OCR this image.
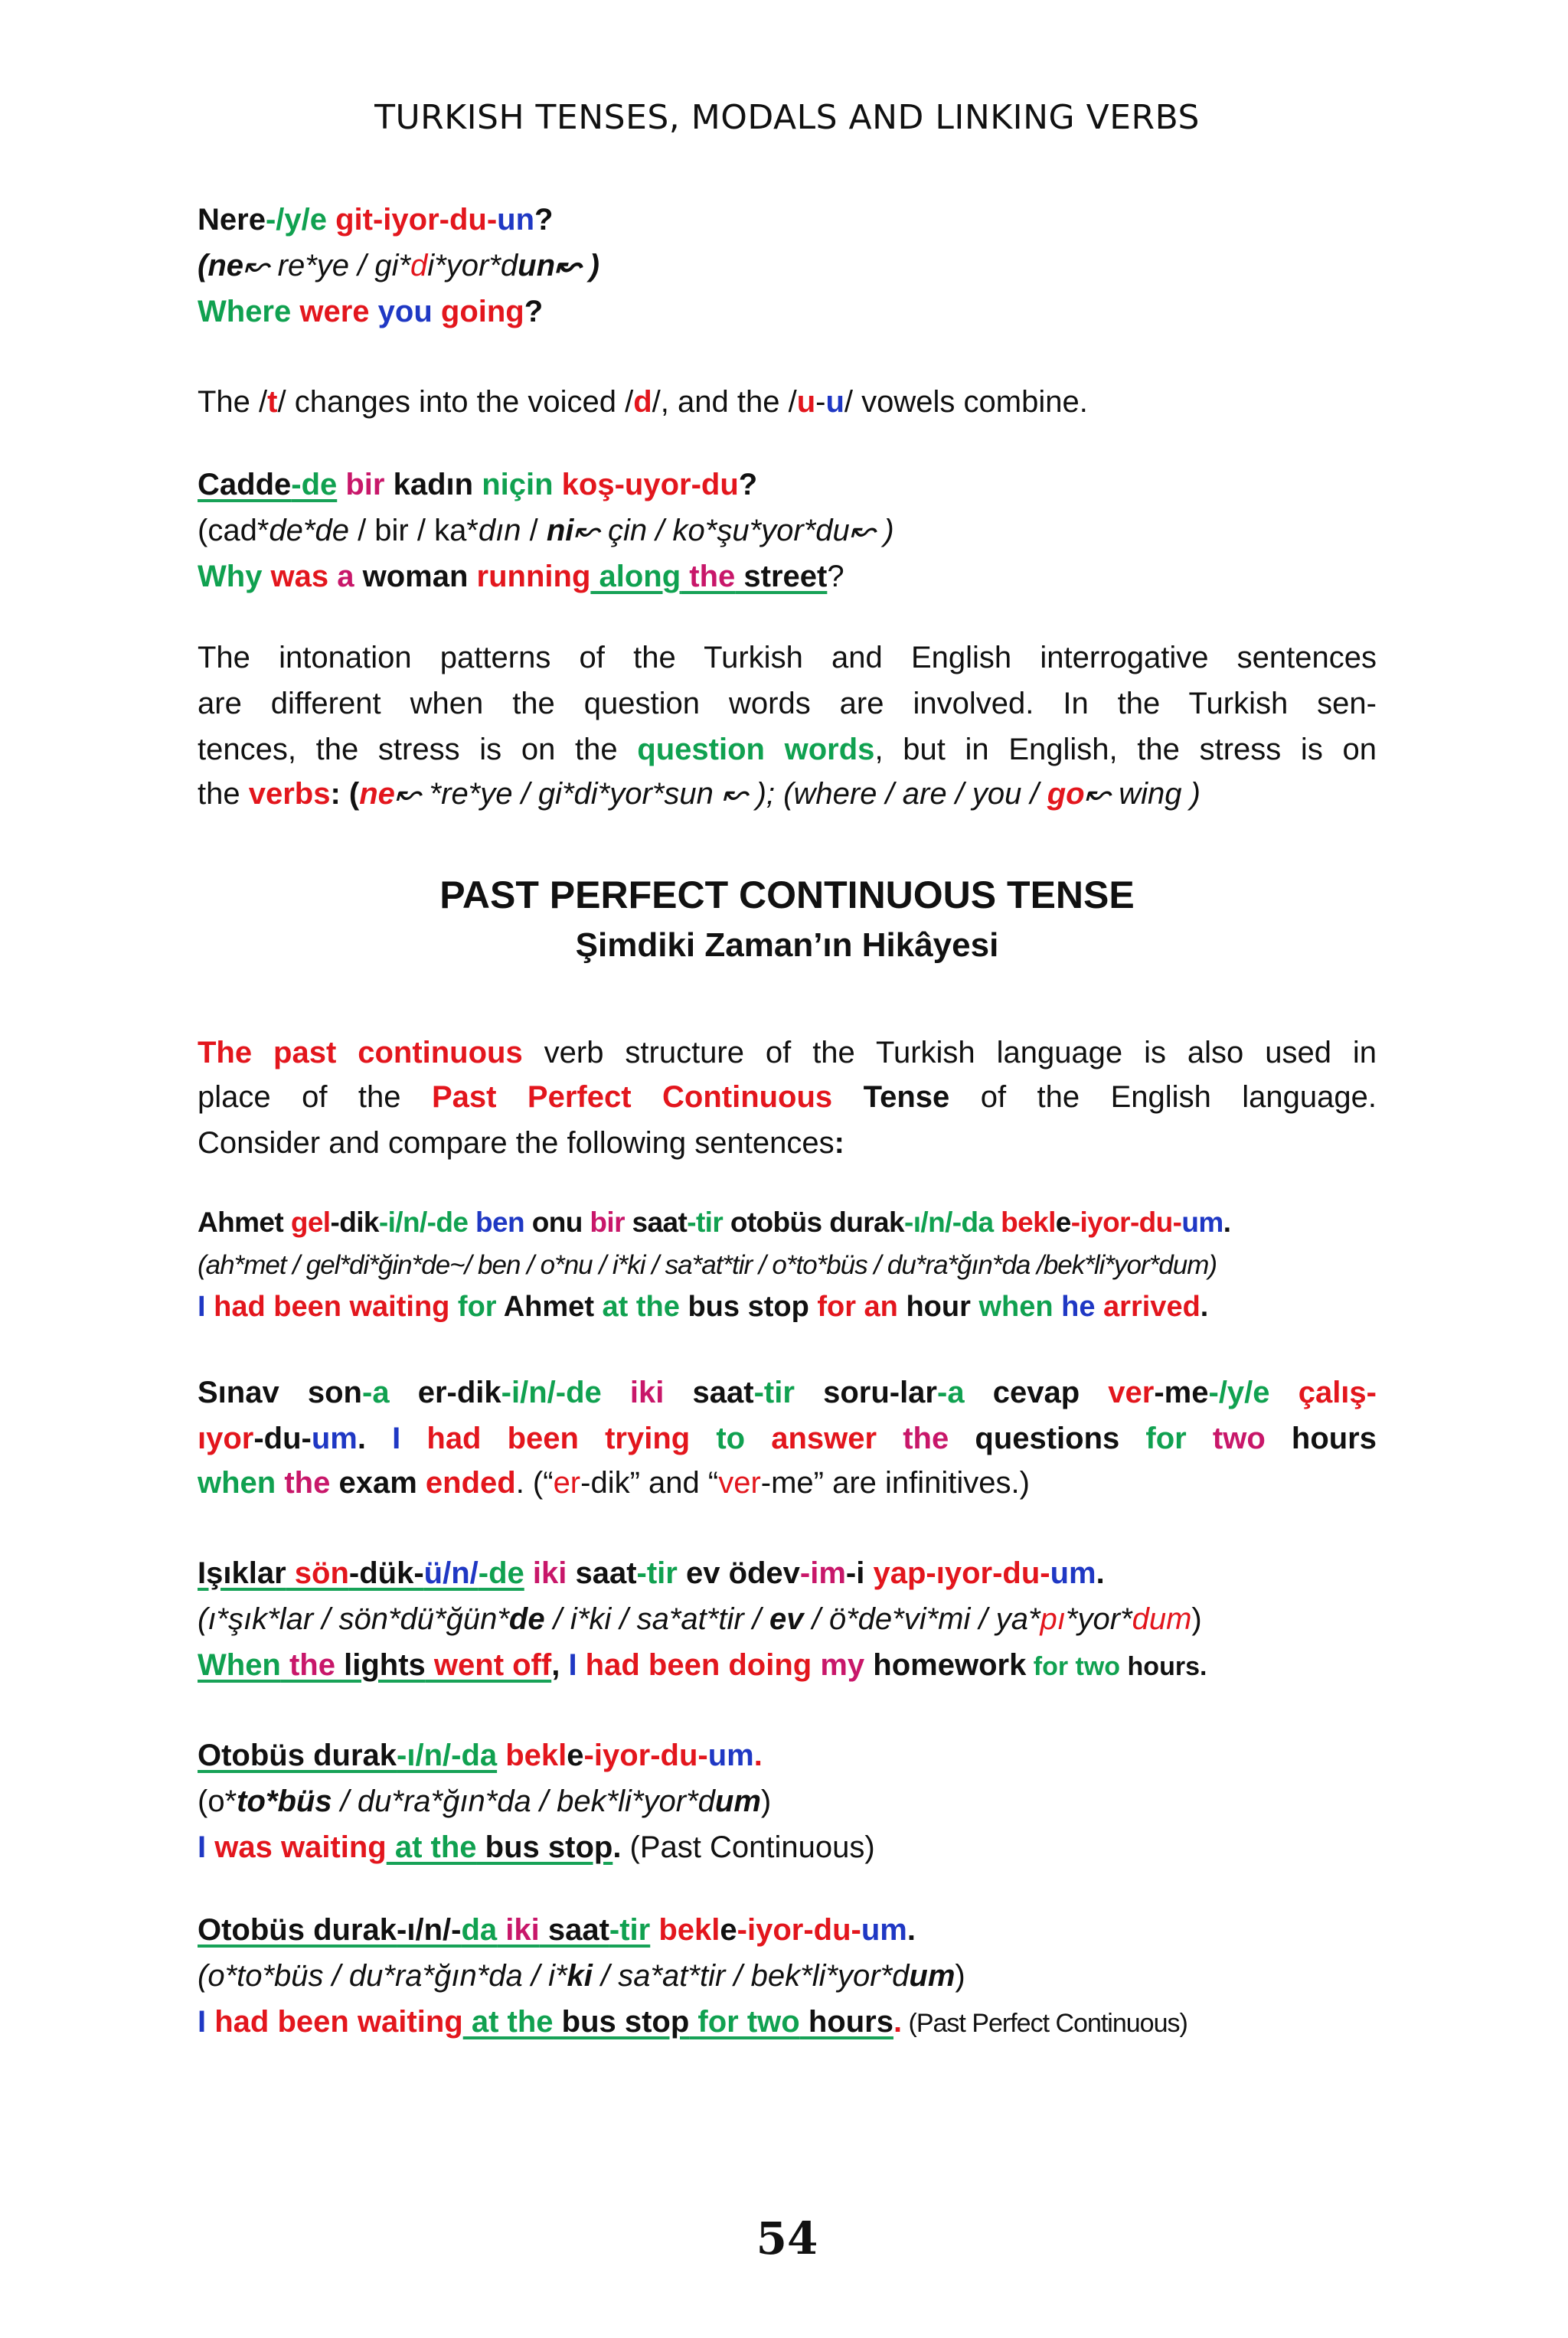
TURKISH TENSES, MODALS AND LINKING VERBS
Nere-/y/e git-iyor-du-un?
(ne↜ re*ye / gi*di*yor*dun↜ )
Where were you going?
The /t/ changes into the voiced /d/, and the /u-u/ vowels combine.
Cadde-de bir kadın niçin koş-uyor-du?
(cad*de*de / bir / ka*dın / ni↜ çin / ko*şu*yor*du↜ )
Why was a woman running along the street?
The intonation patterns of the Turkish and English interrogative sentences
are different when the question words are involved. In the Turkish sen-
tences, the stress is on the question words, but in English, the stress is on
the verbs: (ne↜ *re*ye / gi*di*yor*sun ↜ ); (where / are / you / go↜ wing )
PAST PERFECT CONTINUOUS TENSE
Şimdiki Zaman’ın Hikâyesi
The past continuous verb structure of the Turkish language is also used in
place of the Past Perfect Continuous Tense of the English language.
Consider and compare the following sentences:
Ahmet gel-dik-i/n/-de ben onu bir saat-tir otobüs durak-ı/n/-da bekle-iyor-du-um.
(ah*met / gel*di*ğin*de~/ ben / o*nu / i*ki / sa*at*tir / o*to*büs / du*ra*ğın*da /bek*li*yor*dum)
I had been waiting for Ahmet at the bus stop for an hour when he arrived.
Sınav son-a er-dik-i/n/-de iki saat-tir soru-lar-a cevap ver-me-/y/e çalış-
ıyor-du-um. I had been trying to answer the questions for two hours
when the exam ended. (“er-dik” and “ver-me” are infinitives.)
Işıklar sön-dük-ü/n/-de iki saat-tir ev ödev-im-i yap-ıyor-du-um.
(ı*şık*lar / sön*dü*ğün*de / i*ki / sa*at*tir / ev / ö*de*vi*mi / ya*pı*yor*dum)
When the lights went off, I had been doing my homework for two hours.
Otobüs durak-ı/n/-da bekle-iyor-du-um.
(o*to*büs / du*ra*ğın*da / bek*li*yor*dum)
I was waiting at the bus stop. (Past Continuous)
Otobüs durak-ı/n/-da iki saat-tir bekle-iyor-du-um.
(o*to*büs / du*ra*ğın*da / i*ki / sa*at*tir / bek*li*yor*dum)
I had been waiting at the bus stop for two hours. (Past Perfect Continuous)
54
